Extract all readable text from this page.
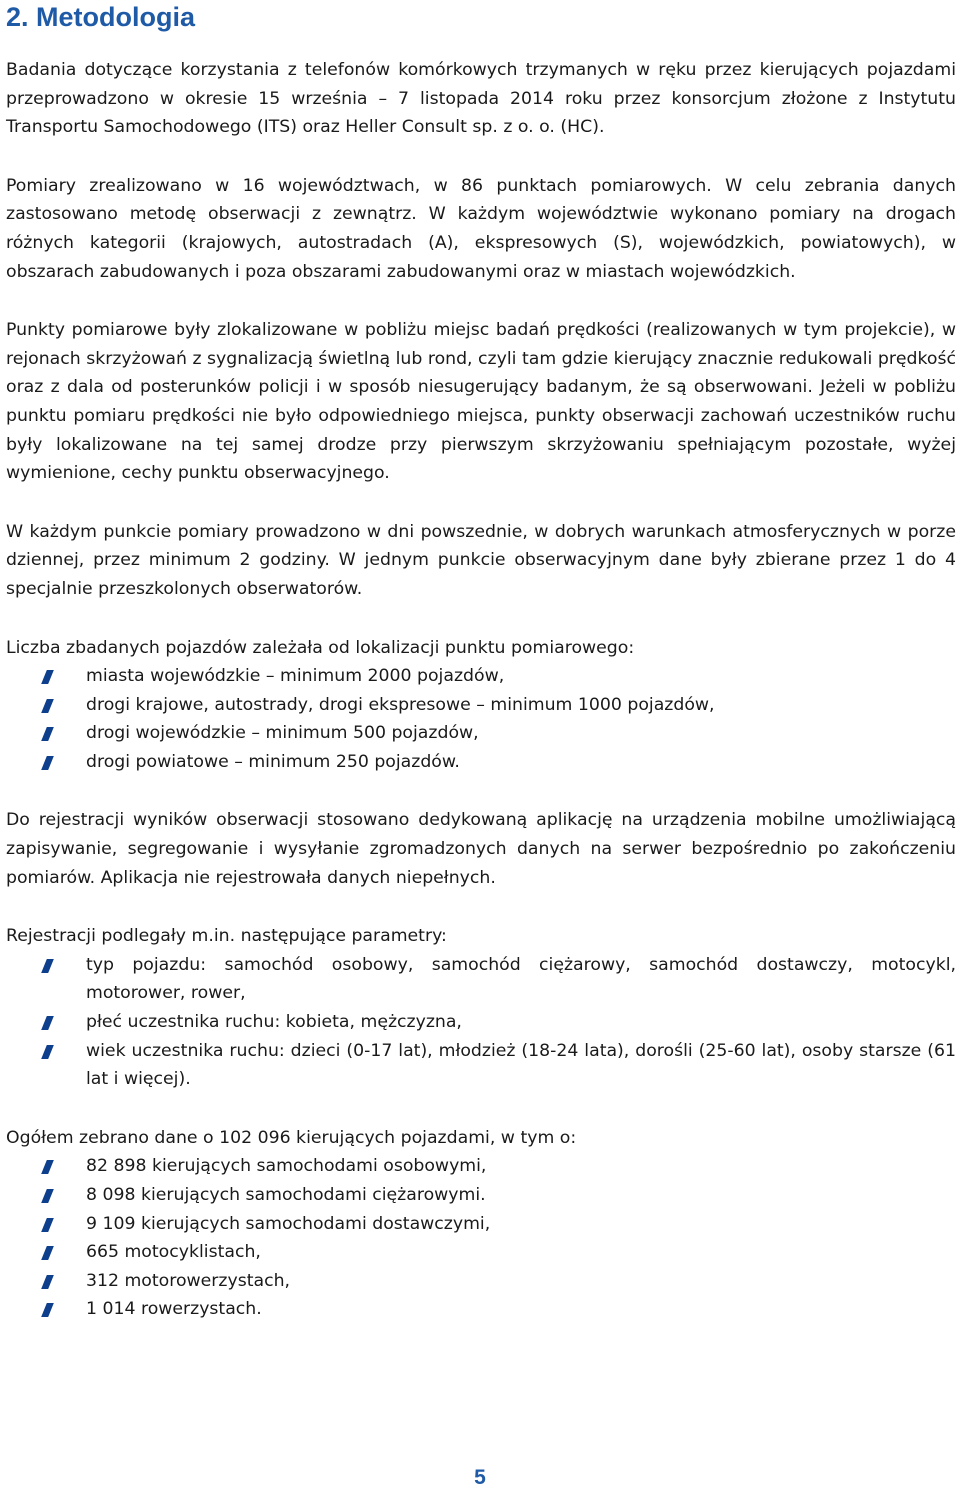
2. Metodologia

Badania dotyczące korzystania z telefonów komórkowych trzymanych w ręku przez kierujących pojazdami przeprowadzono w okresie 15 września – 7 listopada 2014 roku przez konsorcjum złożone z Instytutu Transportu Samochodowego (ITS) oraz Heller Consult sp. z o. o. (HC).

Pomiary zrealizowano w 16 województwach, w 86 punktach pomiarowych. W celu zebrania danych zastosowano metodę obserwacji z zewnątrz. W każdym województwie wykonano pomiary na drogach różnych kategorii (krajowych, autostradach (A), ekspresowych (S), wojewódzkich, powiatowych), w obszarach zabudowanych i poza obszarami zabudowanymi oraz w miastach wojewódzkich.

Punkty pomiarowe były zlokalizowane w pobliżu miejsc badań prędkości (realizowanych w tym projekcie), w rejonach skrzyżowań z sygnalizacją świetlną lub rond, czyli tam gdzie kierujący znacznie redukowali prędkość oraz z dala od posterunków policji i w sposób niesugerujący badanym, że są obserwowani. Jeżeli w pobliżu punktu pomiaru prędkości nie było odpowiedniego miejsca, punkty obserwacji zachowań uczestników ruchu były lokalizowane na tej samej drodze przy pierwszym skrzyżowaniu spełniającym pozostałe, wyżej wymienione, cechy punktu obserwacyjnego.

W każdym punkcie pomiary prowadzono w dni powszednie, w dobrych warunkach atmosferycznych w porze dziennej, przez minimum 2 godziny. W jednym punkcie obserwacyjnym dane były zbierane przez 1 do 4 specjalnie przeszkolonych obserwatorów.

Liczba zbadanych pojazdów zależała od lokalizacji punktu pomiarowego:

miasta wojewódzkie – minimum 2000 pojazdów,
drogi krajowe, autostrady, drogi ekspresowe – minimum 1000 pojazdów,
drogi wojewódzkie – minimum 500 pojazdów,
drogi powiatowe – minimum 250 pojazdów.

Do rejestracji wyników obserwacji stosowano dedykowaną aplikację na urządzenia mobilne umożliwiającą zapisywanie, segregowanie i wysyłanie zgromadzonych danych na serwer bezpośrednio po zakończeniu pomiarów. Aplikacja nie rejestrowała danych niepełnych.

Rejestracji podlegały m.in. następujące parametry:

typ pojazdu: samochód osobowy, samochód ciężarowy, samochód dostawczy, motocykl, motorower, rower,
płeć uczestnika ruchu: kobieta, mężczyzna,
wiek uczestnika ruchu: dzieci (0-17 lat), młodzież (18-24 lata), dorośli (25-60 lat), osoby starsze (61 lat i więcej).

Ogółem zebrano dane o 102 096 kierujących pojazdami, w tym o:

82 898 kierujących samochodami osobowymi,
8 098 kierujących samochodami ciężarowymi.
9 109 kierujących samochodami dostawczymi,
665 motocyklistach,
312 motorowerzystach,
1 014 rowerzystach.
5
